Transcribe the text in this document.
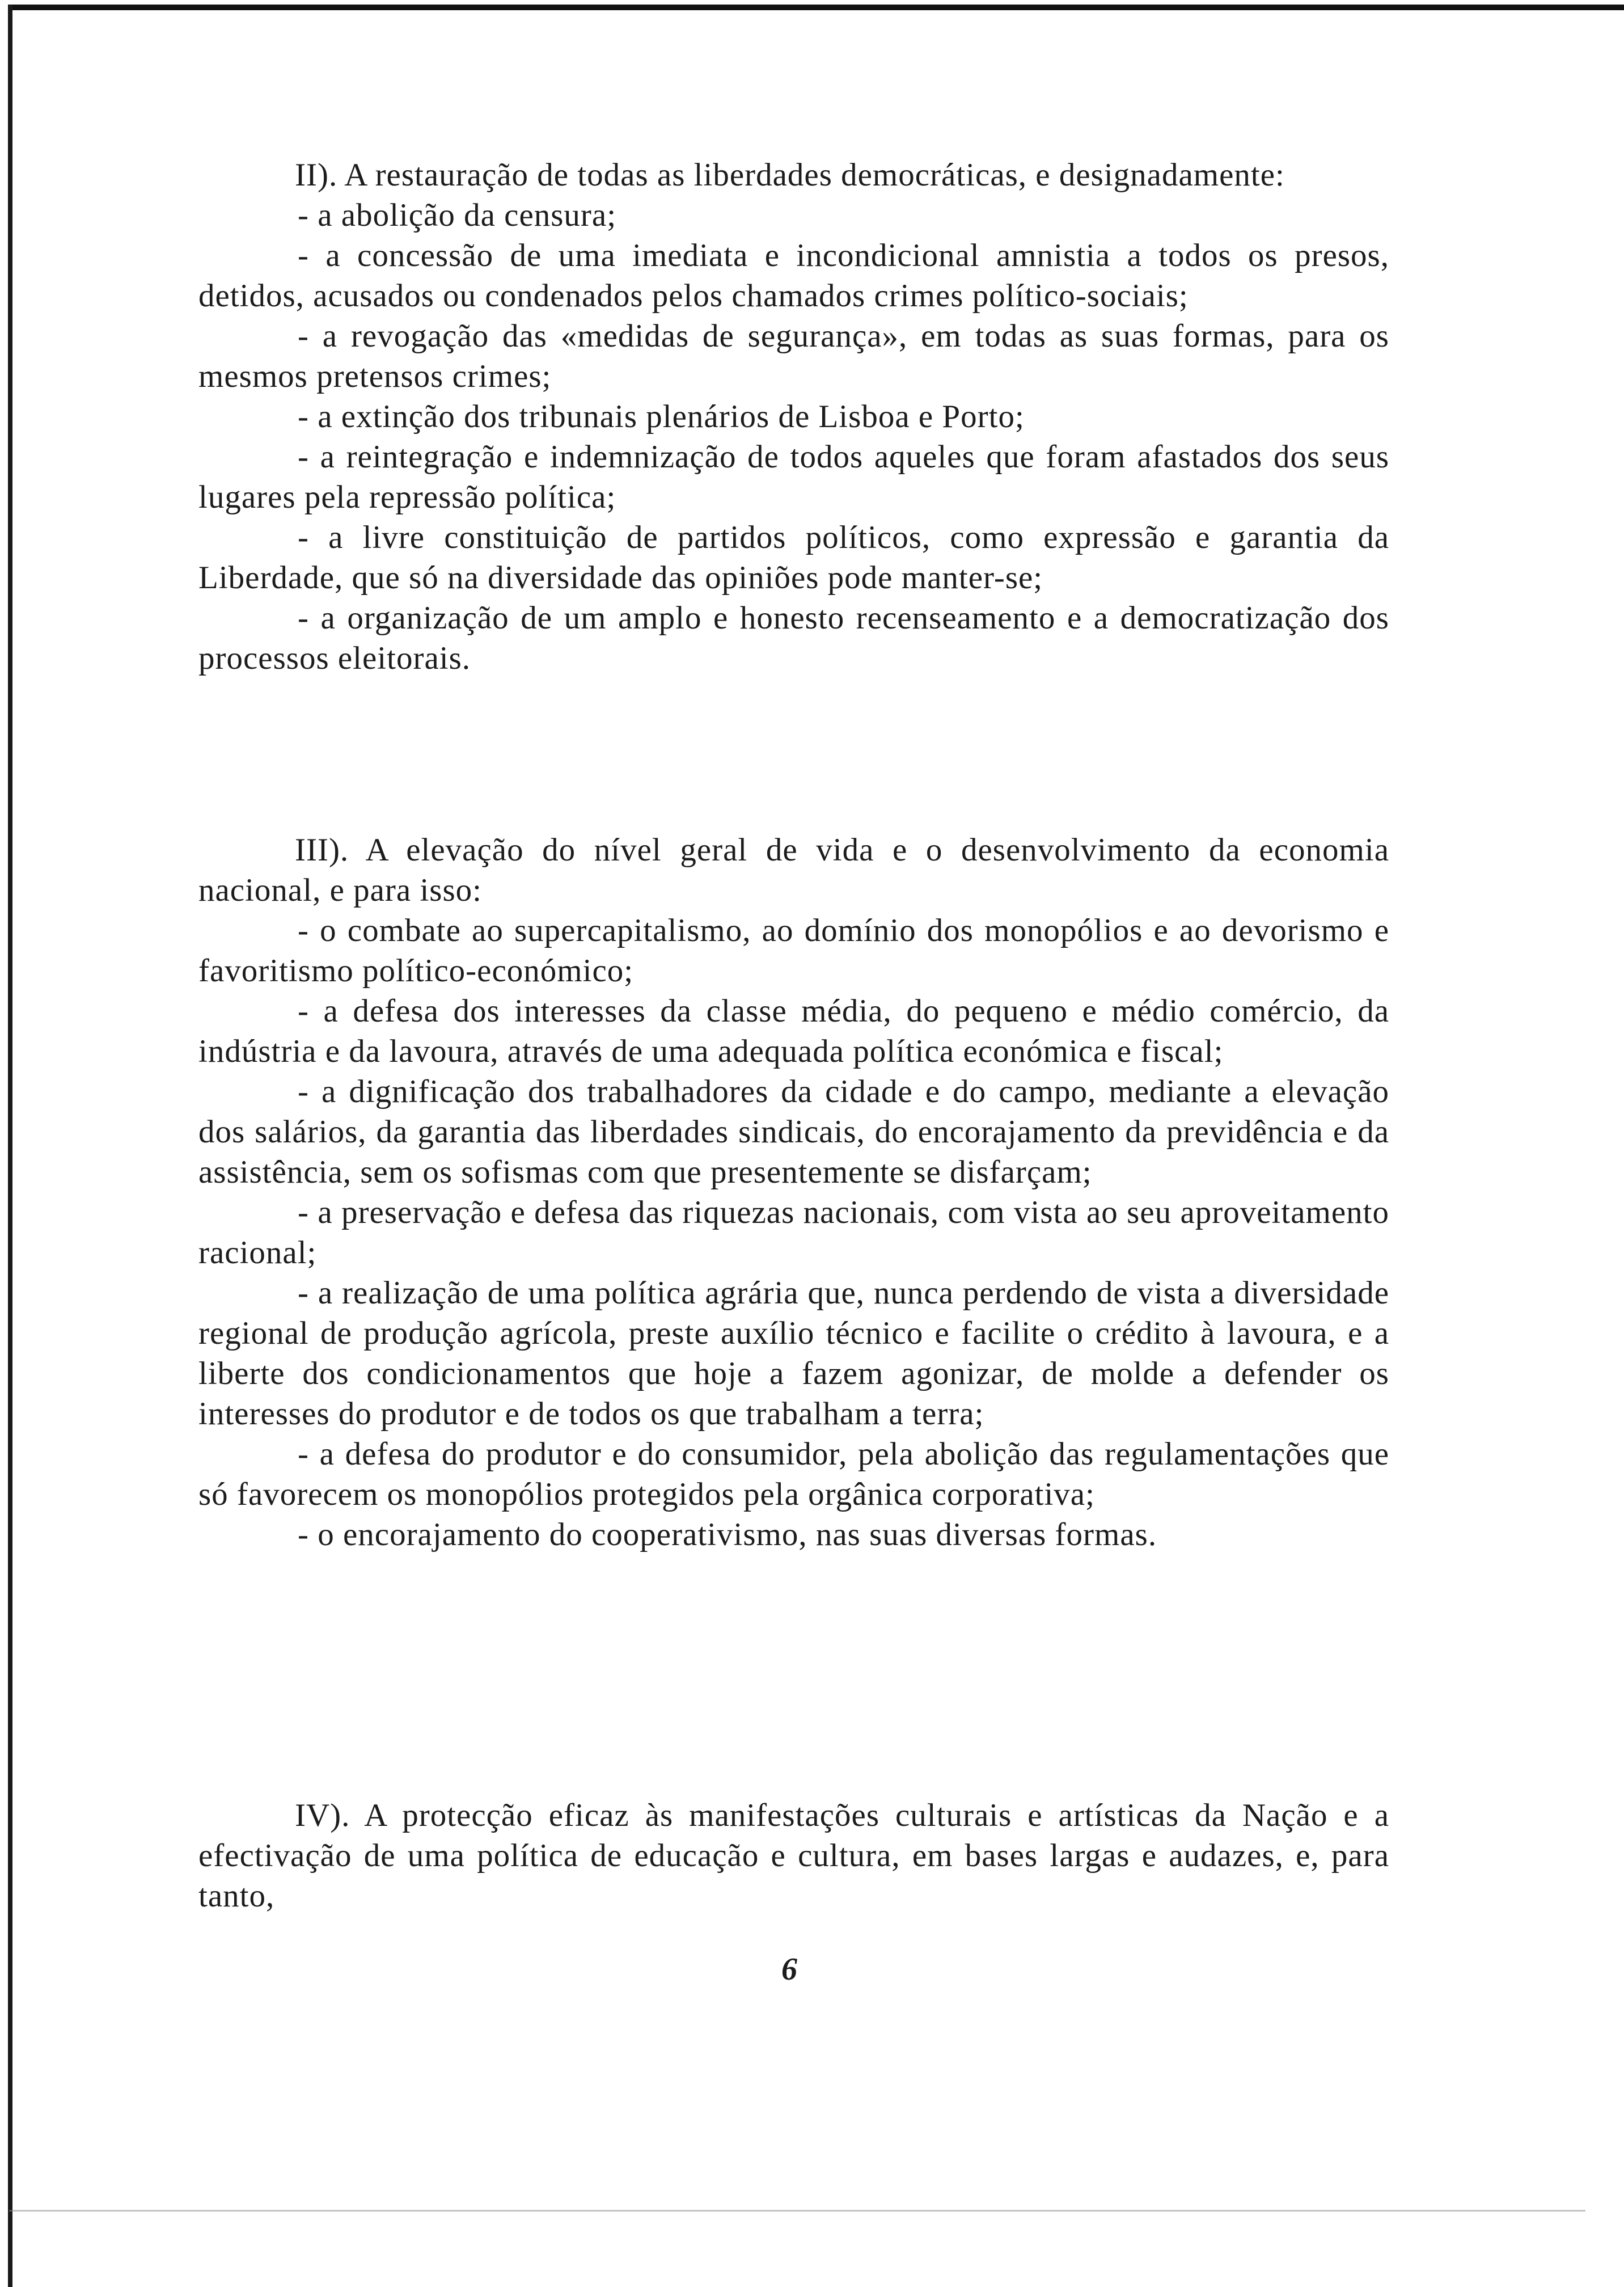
II). A restauração de todas as liberdades democráticas, e designadamente:

- a abolição da censura;

- a concessão de uma imediata e incondicional amnistia a todos os presos, detidos, acusados ou condenados pelos chamados crimes político-sociais;

- a revogação das «medidas de segurança», em todas as suas formas, para os mesmos pretensos crimes;

- a extinção dos tribunais plenários de Lisboa e Porto;

- a reintegração e indemnização de todos aqueles que foram afastados dos seus lugares pela repressão política;

- a livre constituição de partidos políticos, como expressão e garantia da Liberdade, que só na diversidade das opiniões pode manter-se;

- a organização de um amplo e honesto recenseamento e a democratização dos processos eleitorais.

III). A elevação do nível geral de vida e o desenvolvimento da economia nacional, e para isso:

- o combate ao supercapitalismo, ao domínio dos monopólios e ao devorismo e favoritismo político-económico;

- a defesa dos interesses da classe média, do pequeno e médio comércio, da indústria e da lavoura, através de uma adequada política económica e fiscal;

- a dignificação dos trabalhadores da cidade e do campo, mediante a elevação dos salários, da garantia das liberdades sindicais, do encorajamento da previdência e da assistência, sem os sofismas com que presentemente se disfarçam;

- a preservação e defesa das riquezas nacionais, com vista ao seu aproveitamento racional;

- a realização de uma política agrária que, nunca perdendo de vista a diversidade regional de produção agrícola, preste auxílio técnico e facilite o crédito à lavoura, e a liberte dos condicionamentos que hoje a fazem agonizar, de molde a defender os interesses do produtor e de todos os que trabalham a terra;

- a defesa do produtor e do consumidor, pela abolição das regulamentações que só favorecem os monopólios protegidos pela orgânica corporativa;

- o encorajamento do cooperativismo, nas suas diversas formas.

IV). A protecção eficaz às manifestações culturais e artísticas da Nação e a efectivação de uma política de educação e cultura, em bases largas e audazes, e, para tanto,

6
